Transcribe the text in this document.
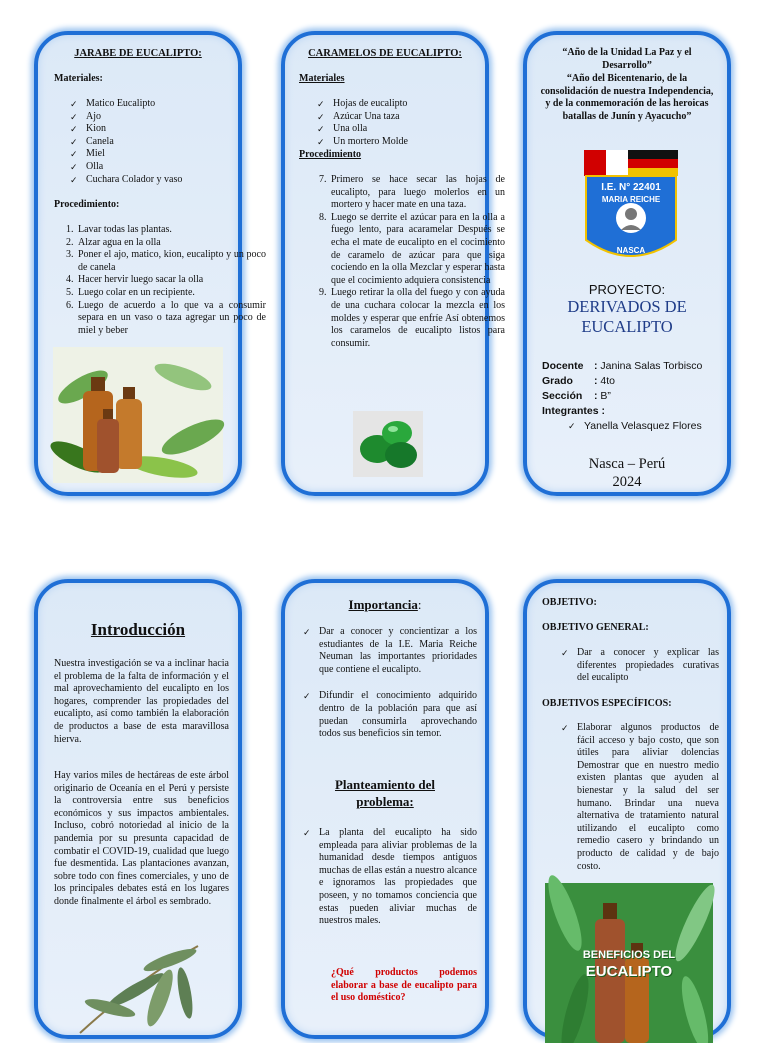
JARABE DE EUCALIPTO:
Materiales:
✓ Matico Eucalipto
✓ Ajo
✓ Kion
✓ Canela
✓ Miel
✓ Olla
✓ Cuchara Colador y vaso
Procedimiento:
1. Lavar todas las plantas.
2. Alzar agua en la olla
3. Poner el ajo, matico, kion, eucalipto y un poco de canela
4. Hacer hervir luego sacar la olla
5. Luego colar en un recipiente.
6. Luego de acuerdo a lo que va a consumir separa en un vaso o taza agregar un poco de miel y beber
CARAMELOS DE EUCALIPTO:
Materiales
✓ Hojas de eucalipto
✓ Azúcar Una taza
✓ Una olla
✓ Un mortero Molde
Procedimiento
7. Primero se hace secar las hojas de eucalipto, para luego molerlos en un mortero y hacer mate en una taza.
8. Luego se derrite el azúcar para en la olla a fuego lento, para acaramelar Después se echa el mate de eucalipto en el cocimiento de caramelo de azúcar para que siga cociendo en la olla Mezclar y esperar hasta que el cocimiento adquiera consistencia
9. Luego retirar la olla del fuego y con ayuda de una cuchara colocar la mezcla en los moldes y esperar que enfríe Así obtenemos los caramelos de eucalipto listos para consumir.
“Año de la Unidad La Paz y el Desarrollo”
“Año del Bicentenario, de la consolidación de nuestra Independencia, y de la conmemoración de las heroicas batallas de Junín y Ayacucho”
I.E. N° 22401
MARIA REICHE
NASCA
PROYECTO:
DERIVADOS DE EUCALIPTO
Docente : Janina Salas Torbisco
Grado : 4to
Sección : B”
Integrantes :
✓ Yanella Velasquez Flores
Nasca – Perú
2024
Introducción
Nuestra investigación se va a inclinar hacia el problema de la falta de información y el mal aprovechamiento del eucalipto en los hogares, comprender las propiedades del eucalipto, así como también la elaboración de productos a base de esta maravillosa hierva.
Hay varios miles de hectáreas de este árbol originario de Oceanía en el Perú y persiste la controversia entre sus beneficios económicos y sus impactos ambientales. Incluso, cobró notoriedad al inicio de la pandemia por su presunta capacidad de combatir el COVID-19, cualidad que luego fue desmentida. Las plantaciones avanzan, sobre todo con fines comerciales, y uno de los principales debates está en los lugares donde finalmente el árbol es sembrado.
Importancia:
✓ Dar a conocer y concientizar a los estudiantes de la I.E. Maria Reiche Neuman las importantes prioridades que contiene el eucalipto.
✓ Difundir el conocimiento adquirido dentro de la población para que así puedan consumirla aprovechando todos sus beneficios sin temor.
Planteamiento del problema:
✓ La planta del eucalipto ha sido empleada para aliviar problemas de la humanidad desde tiempos antiguos muchas de ellas están a nuestro alcance e ignoramos las propiedades que poseen, y no tomamos conciencia que estas pueden aliviar muchas de nuestros males.
¿Qué productos podemos elaborar a base de eucalipto para el uso doméstico?
OBJETIVO:
OBJETIVO GENERAL:
✓ Dar a conocer y explicar las diferentes propiedades curativas del eucalipto
OBJETIVOS ESPECÍFICOS:
✓ Elaborar algunos productos de fácil acceso y bajo costo, que son útiles para aliviar dolencias Demostrar que en nuestro medio existen plantas que ayuden al bienestar y la salud del ser humano. Brindar una nueva alternativa de tratamiento natural utilizando el eucalipto como remedio casero y brindando un producto de calidad y de bajo costo.
BENEFICIOS DEL
EUCALIPTO
